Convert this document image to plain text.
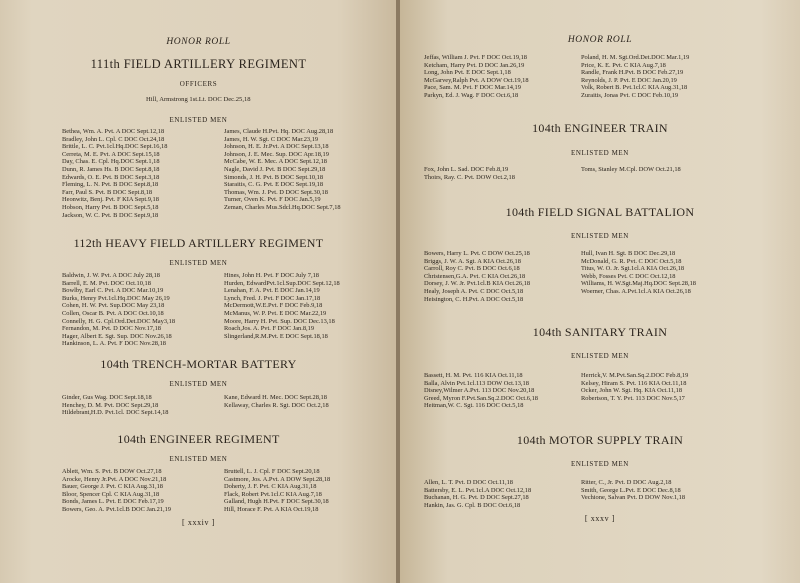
HONOR ROLL
111th FIELD ARTILLERY REGIMENT
OFFICERS
Hill, Armstrong 1st.Lt. DOC Dec.25,18
ENLISTED MEN
Bethea, Wm. A. Pvt. A DOC Sept.12,18
Bradley, John L. Cpl. C DOC Oct.24,18
Brittle, L. C. Pvt.1cl.Hq.DOC Sept.16,18
Cerreta, M. E. Pvt. A DOC Sept.15,18
Day, Chas. E. Cpl. Hq.DOC Sept.1,18
Dunn, R. James Hs. B DOC Sept.8,18
Edwards, O. E. Pvt. B DOC Sept.3,18
Fleming, L. N. Pvt. B DOC Sept.8,18
Farr, Paul S. Pvt. B DOC Sept.8,18
Heonwitz, Benj. Pvt. F KIA Sept.9,18
Hobson, Harry Pvt. B DOC Sept.5,18
Jackson, W. C. Pvt. B DOC Sept.9,18
James, Claude H.Pvt. Hq. DOC Aug.28,18
James, H. W. Sgt. C DOC Mar.23,19
Johnson, H. E. Jr.Pvt. A DOC Sept.13,18
Johnson, J. E. Mec. Sup. DOC Apr.18,19
McCabe, W. E. Mec. A DOC Sept.12,18
Nagle, David J. Pvt. B DOC Sept.29,18
Simonds, J. H. Pvt. B DOC Sept.10,18
Staraitis, C. G. Pvt. E DOC Sept.19,18
Thomas, Wm. J. Pvt. D DOC Sept.30,18
Turner, Oven K. Pvt. F DOC Jan.5,19
Zeman, Charles Mus.Sdcl.Hq.DOC Sept.7,18
112th HEAVY FIELD ARTILLERY REGIMENT
ENLISTED MEN
Baldwin, J. W. Pvt. A DOC July 28,18
Barrell, E. M. Pvt. DOC Oct.10,18
Bowlby, Earl C. Pvt. A DOC Mar.10,19
Burks, Henry Pvt.1cl.Hq.DOC May 26,19
Cohen, H. W. Pvt. Sup.DOC May 23,18
Collen, Oscar B. Pvt. A DOC Oct.10,18
Connelly, H. G. Cpl.Ord.Det.DOC May3,18
Fernandon, M. Pvt. D DOC Nov.17,18
Hager, Albert E. Sgt. Sup. DOC Nov.26,18
Hankinson, L. A. Pvt. F DOC Nov.28,18
Hines, John H. Pvt. F DOC July 7,18
Hurden, EdwardPvt.1cl.Sup.DOC Sept.12,18
Lenahan, F. A. Pvt. E DOC Jan.14,19
Lynch, Fred. J. Pvt. F DOC Jan.17,18
McDermott,W.E.Pvt. F DOC Feb.9,18
McManus, W. P. Pvt. E DOC Mar.22,19
Moore, Harry H. Pvt. Sup. DOC Dec.13,18
Roach,Jos. A. Pvt. F DOC Jan.8,19
Slingerland,R.M.Pvt. E DOC Sept.18,18
104th TRENCH-MORTAR BATTERY
ENLISTED MEN
Ginder, Gus Wag. DOC Sept.18,18
Henchey, D. M. Pvt. DOC Sept.29,18
Hildebrant,H.D. Pvt.1cl. DOC Sept.14,18
Kane, Edward H. Mec. DOC Sept.28,18
Kellaway, Charles R. Sgt. DOC Oct.2,18
104th ENGINEER REGIMENT
ENLISTED MEN
Ablett, Wm. S. Pvt. B DOW Oct.27,18
Arocke, Henry Jr.Pvt. A DOC Nov.21,18
Bauer, George J. Pvt. C KIA Aug.31,18
Bloor, Spencer Cpl. C KIA Aug.31,18
Bonds, James L. Pvt. E DOC Feb.17,19
Bowers, Geo. A. Pvt.1cl.B DOC Jan.21,19
Bruttell, L. J. Cpl. F DOC Sept.20,18
Castmore, Jos. A.Pvt. A DOW Sept.28,18
Doherty, J. F. Pvt. C KIA Aug.31,18
Flack, Robert Pvt.1cl.C KIA Aug.7,18
Galland, Hugh H.Pvt. F DOC Sept.30,18
Hill, Horace F. Pvt. A KIA Oct.19,18
[ xxxiv ]
HONOR ROLL
Jeffas, William J. Pvt. F DOC Oct.19,18
Ketcham, Harry Pvt. D DOC Jan.26,19
Long, John Pvt. E DOC Sept.1,18
McGarvey,Ralph Pvt. A DOW Oct.19,18
Pace, Sam. M. Pvt. F DOC Mar.14,19
Parkyn, Ed. J. Wag. F DOC Oct.6,18
Poland, H. M. Sgt.Ord.Det.DOC Mar.1,19
Price, K. E. Pvt. C KIA Aug.7,18
Randle, Frank H.Pvt. B DOC Feb.27,19
Reynolds, J. P. Pvt. E DOC Jan.20,19
Volk, Robert B. Pvt.1cl.C KIA Aug.31,18
Zuraitis, Jonas Pvt. C DOC Feb.10,19
104th ENGINEER TRAIN
ENLISTED MEN
Fox, John L. Sad. DOC Feb.8,19
Thoirs, Ray. C. Pvt. DOW Oct.2,18
Toms, Stanley M.Cpl. DOW Oct.21,18
104th FIELD SIGNAL BATTALION
ENLISTED MEN
Bowers, Harry L. Pvt. C DOW Oct.25,18
Briggs, J. W. A. Sgt. A KIA Oct.26,18
Carroll, Roy C. Pvt. B DOC Oct.6,18
Christensen,G.A. Pvt. C KIA Oct.26,18
Dorsey, J. W. Jr. Pvt.1cl.B KIA Oct.26,18
Healy, Joseph A. Pvt. C DOC Oct.5,18
Heisington, C. H.Pvt. A DOC Oct.5,18
Hull, Ivan H. Sgt. B DOC Dec.29,18
McDonald, G. R. Pvt. C DOC Oct.5,18
Titus, W. O. Jr. Sgt.1cl.A KIA Oct.26,18
Webb, Fosses Pvt. C DOC Oct.12,18
Williams, H. W.Sgt.Maj.Hq.DOC Sept.28,18
Woerner, Chas. A.Pvt.1cl.A KIA Oct.26,18
104th SANITARY TRAIN
ENLISTED MEN
Bassett, H. M. Pvt. 116 KIA Oct.11,18
Balla, Alvin Pvt.1cl.113 DOW Oct.13,18
Disney,Wilmer A.Pvt. 113 DOC Nov.20,18
Greed, Myron F.Pvt.San.Sq.2.DOC Oct.6,18
Heitman,W. C. Sgt. 116 DOC Oct.5,18
Herrick,V. M.Pvt.San.Sq.2.DOC Feb.8,19
Kelsey, Hiram S. Pvt. 116 KIA Oct.11,18
Ocker, John W. Sgt. Hq. KIA Oct.11,18
Robertson, T. Y. Pvt. 113 DOC Nov.5,17
104th MOTOR SUPPLY TRAIN
ENLISTED MEN
Allen, L. T. Pvt. D DOC Oct.11,18
Battersby, E. L. Pvt.1cl.A DOC Oct.12,18
Buchanan, H. G. Pvt. D DOC Sept.27,18
Hankin, Jas. G. Cpl. B DOC Oct.6,18
Ritter, C., Jr. Pvt. D DOC Aug.2,18
Smith, George L.Pvt. E DOC Dec.8,18
Vechione, Salvan Pvt. D DOW Nov.1,18
[ xxxv ]
